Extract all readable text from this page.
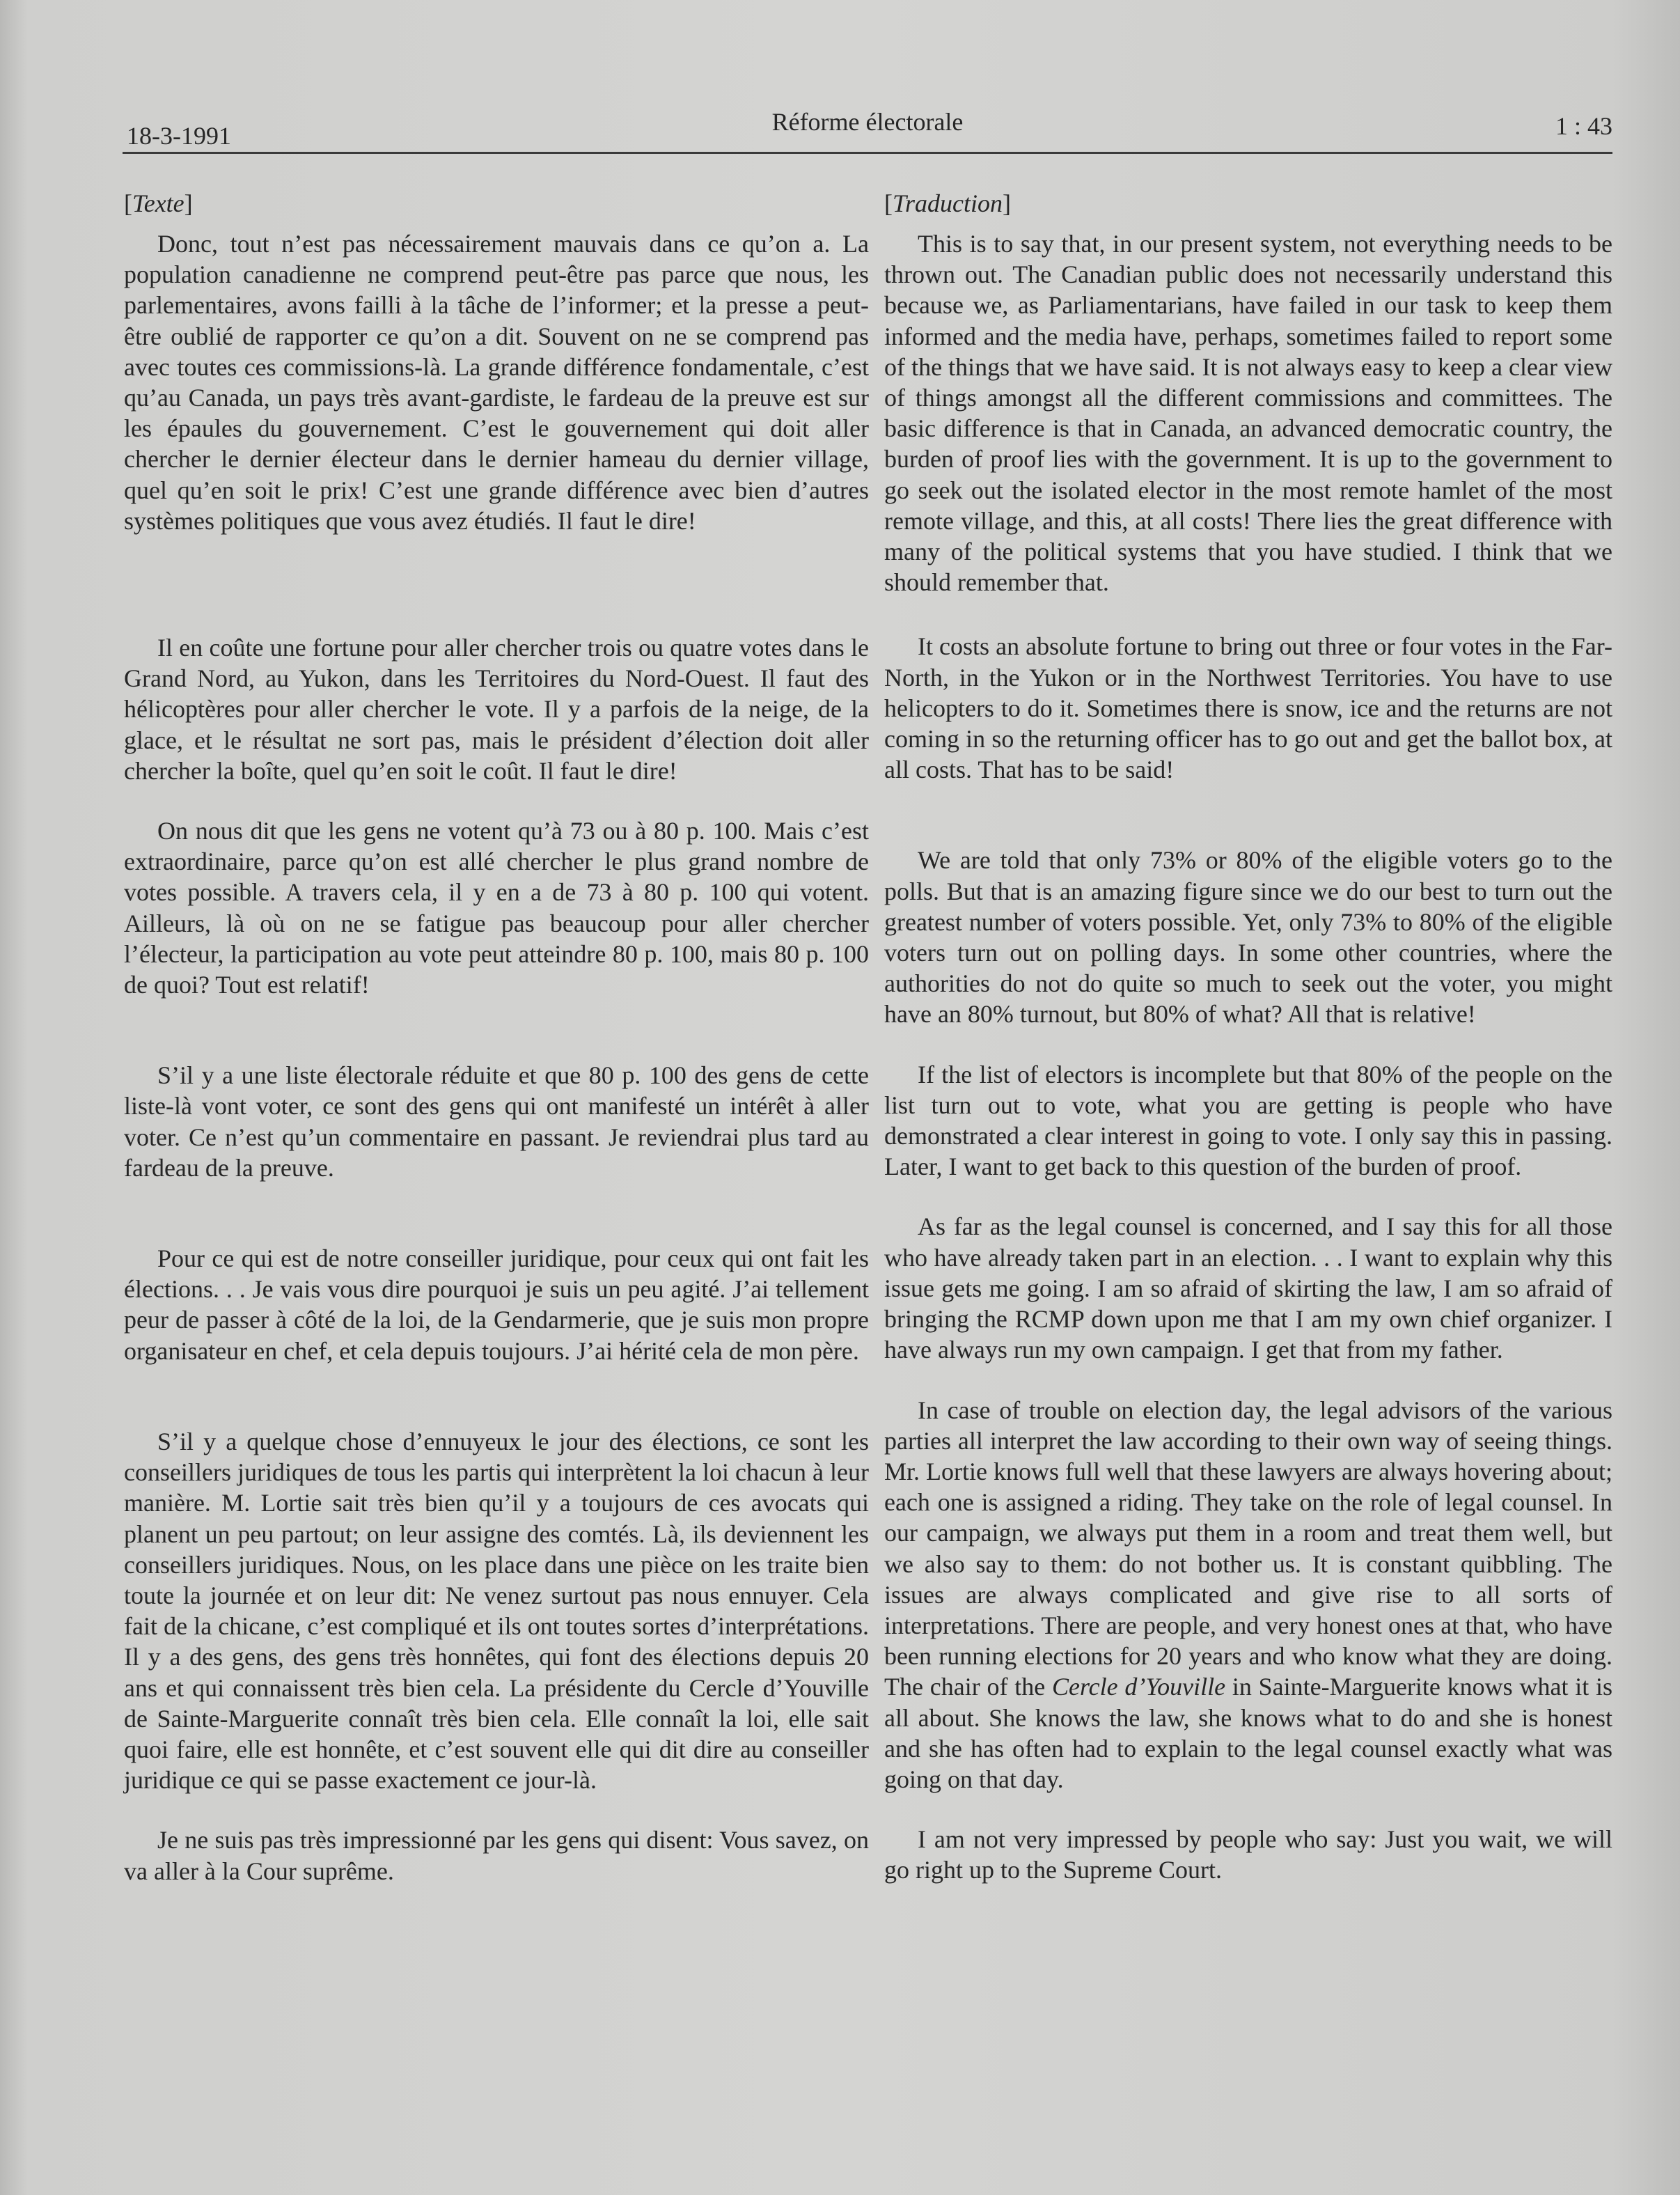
18-3-1991	Réforme électorale	1 : 43
[Texte]

Donc, tout n’est pas nécessairement mauvais dans ce qu’on a. La population canadienne ne comprend peut-être pas parce que nous, les parlementaires, avons failli à la tâche de l’informer; et la presse a peut-être oublié de rapporter ce qu’on a dit. Souvent on ne se comprend pas avec toutes ces commissions-là. La grande différence fondamentale, c’est qu’au Canada, un pays très avant-gardiste, le fardeau de la preuve est sur les épaules du gouvernement. C’est le gouvernement qui doit aller chercher le dernier électeur dans le dernier hameau du dernier village, quel qu’en soit le prix! C’est une grande différence avec bien d’autres systèmes politiques que vous avez étudiés. Il faut le dire!

Il en coûte une fortune pour aller chercher trois ou quatre votes dans le Grand Nord, au Yukon, dans les Territoires du Nord-Ouest. Il faut des hélicoptères pour aller chercher le vote. Il y a parfois de la neige, de la glace, et le résultat ne sort pas, mais le président d’élection doit aller chercher la boîte, quel qu’en soit le coût. Il faut le dire!

On nous dit que les gens ne votent qu’à 73 ou à 80 p. 100. Mais c’est extraordinaire, parce qu’on est allé chercher le plus grand nombre de votes possible. A travers cela, il y en a de 73 à 80 p. 100 qui votent. Ailleurs, là où on ne se fatigue pas beaucoup pour aller chercher l’électeur, la participation au vote peut atteindre 80 p. 100, mais 80 p. 100 de quoi? Tout est relatif!

S’il y a une liste électorale réduite et que 80 p. 100 des gens de cette liste-là vont voter, ce sont des gens qui ont manifesté un intérêt à aller voter. Ce n’est qu’un commentaire en passant. Je reviendrai plus tard au fardeau de la preuve.

Pour ce qui est de notre conseiller juridique, pour ceux qui ont fait les élections. . . Je vais vous dire pourquoi je suis un peu agité. J’ai tellement peur de passer à côté de la loi, de la Gendarmerie, que je suis mon propre organisateur en chef, et cela depuis toujours. J’ai hérité cela de mon père.

S’il y a quelque chose d’ennuyeux le jour des élections, ce sont les conseillers juridiques de tous les partis qui interprètent la loi chacun à leur manière. M. Lortie sait très bien qu’il y a toujours de ces avocats qui planent un peu partout; on leur assigne des comtés. Là, ils deviennent les conseillers juridiques. Nous, on les place dans une pièce on les traite bien toute la journée et on leur dit: Ne venez surtout pas nous ennuyer. Cela fait de la chicane, c’est compliqué et ils ont toutes sortes d’interprétations. Il y a des gens, des gens très honnêtes, qui font des élections depuis 20 ans et qui connaissent très bien cela. La présidente du Cercle d’Youville de Sainte-Marguerite connaît très bien cela. Elle connaît la loi, elle sait quoi faire, elle est honnête, et c’est souvent elle qui dit dire au conseiller juridique ce qui se passe exactement ce jour-là.

Je ne suis pas très impressionné par les gens qui disent: Vous savez, on va aller à la Cour suprême.

[Traduction]

This is to say that, in our present system, not everything needs to be thrown out. The Canadian public does not necessarily understand this because we, as Parliamentarians, have failed in our task to keep them informed and the media have, perhaps, sometimes failed to report some of the things that we have said. It is not always easy to keep a clear view of things amongst all the different commissions and committees. The basic difference is that in Canada, an advanced democratic country, the burden of proof lies with the government. It is up to the government to go seek out the isolated elector in the most remote hamlet of the most remote village, and this, at all costs! There lies the great difference with many of the political systems that you have studied. I think that we should remember that.

It costs an absolute fortune to bring out three or four votes in the Far-North, in the Yukon or in the Northwest Territories. You have to use helicopters to do it. Sometimes there is snow, ice and the returns are not coming in so the returning officer has to go out and get the ballot box, at all costs. That has to be said!

We are told that only 73% or 80% of the eligible voters go to the polls. But that is an amazing figure since we do our best to turn out the greatest number of voters possible. Yet, only 73% to 80% of the eligible voters turn out on polling days. In some other countries, where the authorities do not do quite so much to seek out the voter, you might have an 80% turnout, but 80% of what? All that is relative!

If the list of electors is incomplete but that 80% of the people on the list turn out to vote, what you are getting is people who have demonstrated a clear interest in going to vote. I only say this in passing. Later, I want to get back to this question of the burden of proof.

As far as the legal counsel is concerned, and I say this for all those who have already taken part in an election. . . I want to explain why this issue gets me going. I am so afraid of skirting the law, I am so afraid of bringing the RCMP down upon me that I am my own chief organizer. I have always run my own campaign. I get that from my father.

In case of trouble on election day, the legal advisors of the various parties all interpret the law according to their own way of seeing things. Mr. Lortie knows full well that these lawyers are always hovering about; each one is assigned a riding. They take on the role of legal counsel. In our campaign, we always put them in a room and treat them well, but we also say to them: do not bother us. It is constant quibbling. The issues are always complicated and give rise to all sorts of interpretations. There are people, and very honest ones at that, who have been running elections for 20 years and who know what they are doing. The chair of the Cercle d’Youville in Sainte-Marguerite knows what it is all about. She knows the law, she knows what to do and she is honest and she has often had to explain to the legal counsel exactly what was going on that day.

I am not very impressed by people who say: Just you wait, we will go right up to the Supreme Court.
